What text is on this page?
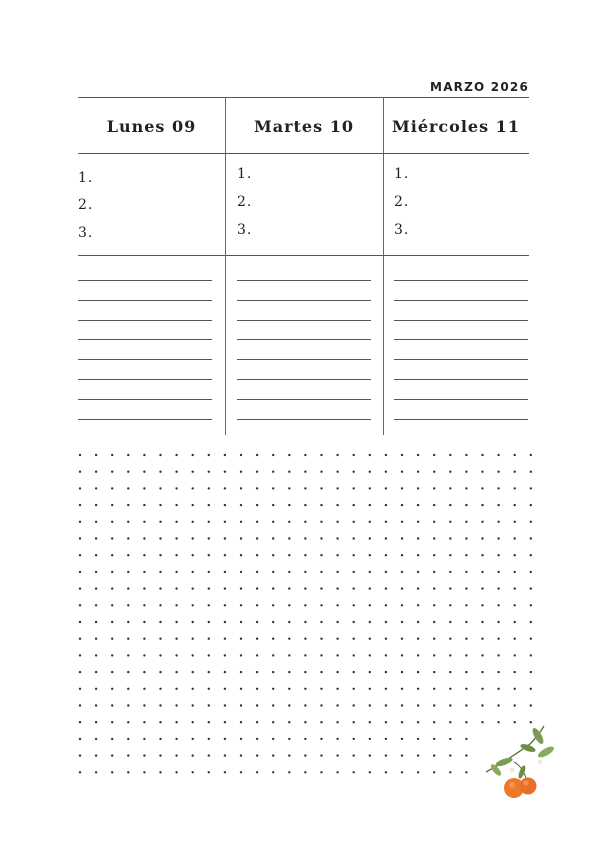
MARZO 2026
Lunes 09	Martes 10	Miércoles 11
1.
2.
3.
1.
2.
3.
1.
2.
3.
